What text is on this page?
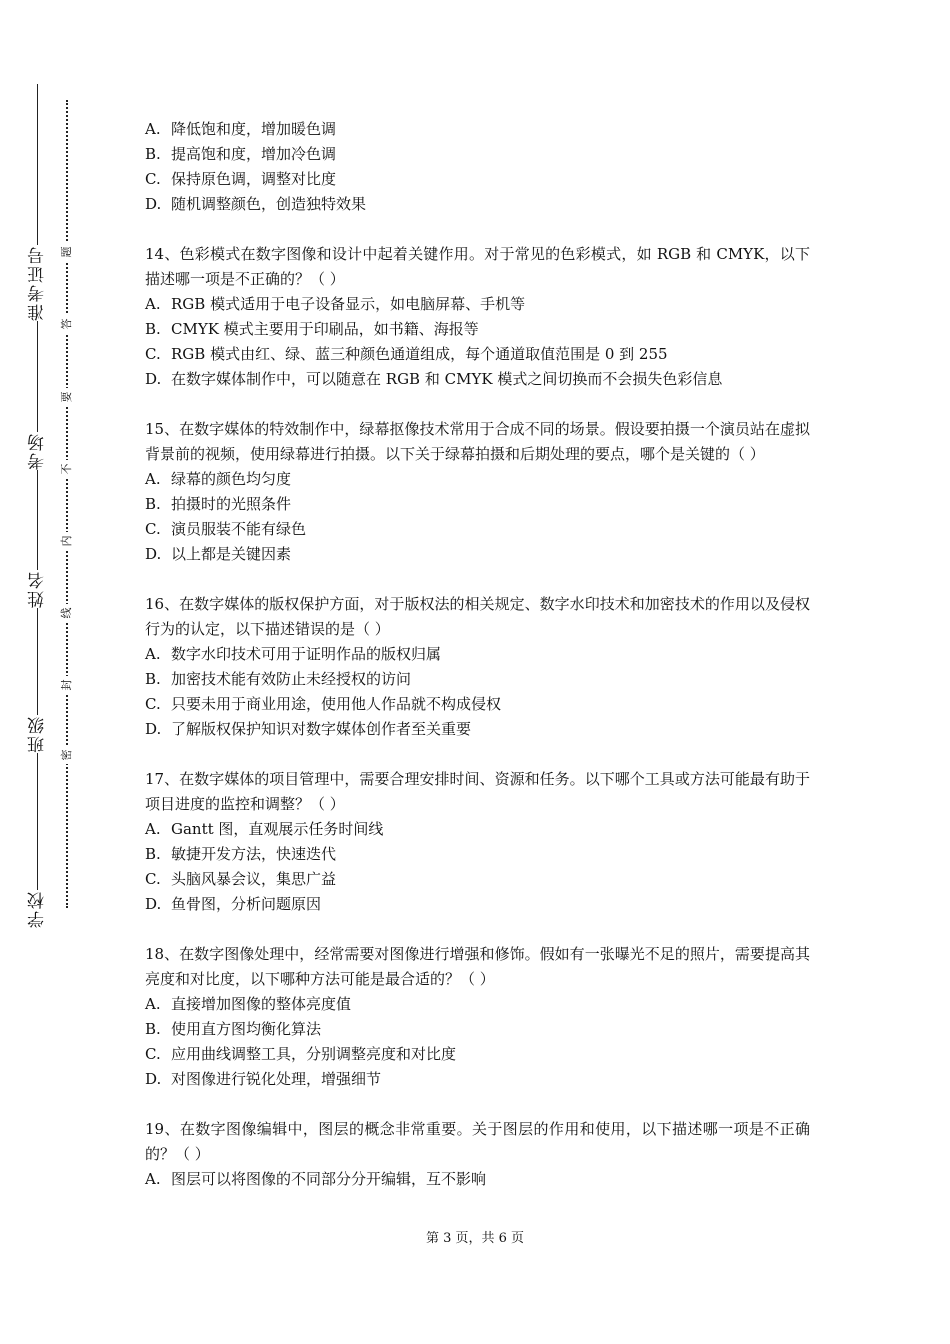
准考证号
考场
姓名
班级
学校
题
答
要
不
内
线
封
密

A. 降低饱和度，增加暖色调

B. 提高饱和度，增加冷色调

C. 保持原色调，调整对比度

D. 随机调整颜色，创造独特效果

14、色彩模式在数字图像和设计中起着关键作用。对于常见的色彩模式，如 RGB 和 CMYK，以下描述哪一项是不正确的？（ ）

A. RGB 模式适用于电子设备显示，如电脑屏幕、手机等

B. CMYK 模式主要用于印刷品，如书籍、海报等

C. RGB 模式由红、绿、蓝三种颜色通道组成，每个通道取值范围是 0 到 255

D. 在数字媒体制作中，可以随意在 RGB 和 CMYK 模式之间切换而不会损失色彩信息

15、在数字媒体的特效制作中，绿幕抠像技术常用于合成不同的场景。假设要拍摄一个演员站在虚拟背景前的视频，使用绿幕进行拍摄。以下关于绿幕拍摄和后期处理的要点，哪个是关键的（ ）

A. 绿幕的颜色均匀度

B. 拍摄时的光照条件

C. 演员服装不能有绿色

D. 以上都是关键因素

16、在数字媒体的版权保护方面，对于版权法的相关规定、数字水印技术和加密技术的作用以及侵权行为的认定，以下描述错误的是（ ）

A. 数字水印技术可用于证明作品的版权归属

B. 加密技术能有效防止未经授权的访问

C. 只要未用于商业用途，使用他人作品就不构成侵权

D. 了解版权保护知识对数字媒体创作者至关重要

17、在数字媒体的项目管理中，需要合理安排时间、资源和任务。以下哪个工具或方法可能最有助于项目进度的监控和调整？（ ）

A. Gantt 图，直观展示任务时间线

B. 敏捷开发方法，快速迭代

C. 头脑风暴会议，集思广益

D. 鱼骨图，分析问题原因

18、在数字图像处理中，经常需要对图像进行增强和修饰。假如有一张曝光不足的照片，需要提高其亮度和对比度，以下哪种方法可能是最合适的？（ ）

A. 直接增加图像的整体亮度值

B. 使用直方图均衡化算法

C. 应用曲线调整工具，分别调整亮度和对比度

D. 对图像进行锐化处理，增强细节

19、在数字图像编辑中，图层的概念非常重要。关于图层的作用和使用，以下描述哪一项是不正确的？（ ）

A. 图层可以将图像的不同部分分开编辑，互不影响

第 3 页，共 6 页
